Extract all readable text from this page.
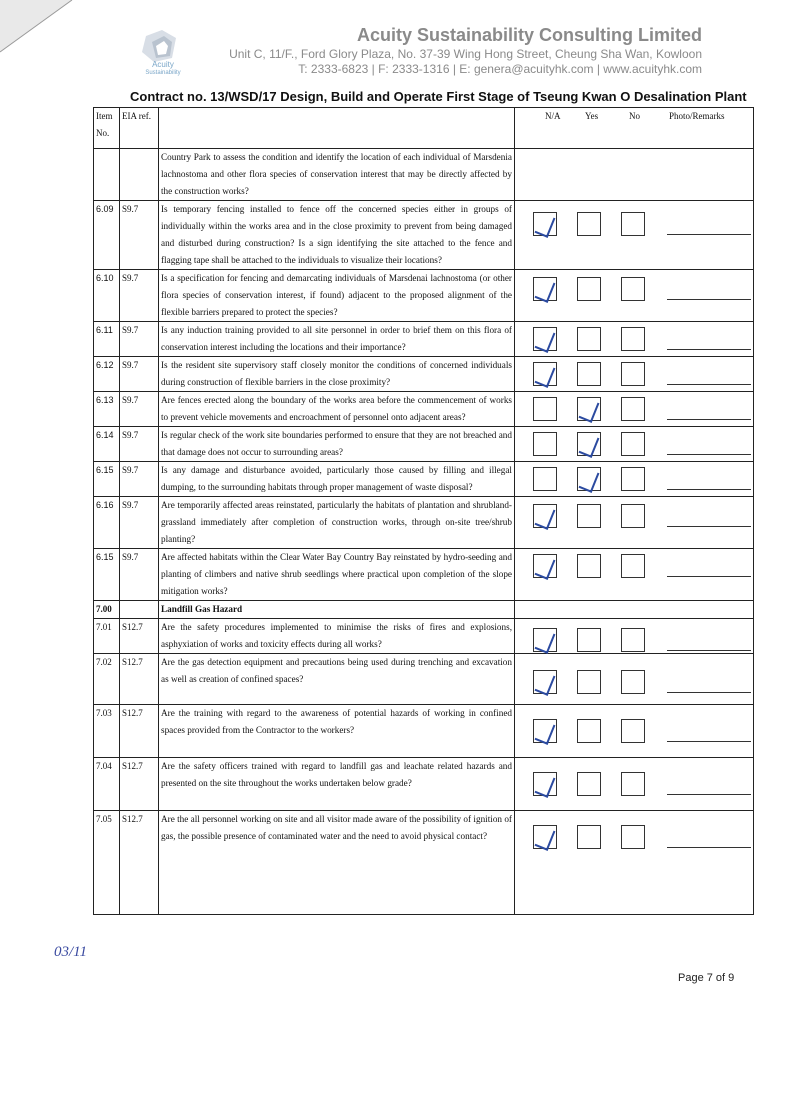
Acuity
Sustainability
Acuity Sustainability Consulting Limited
Unit C, 11/F., Ford Glory Plaza, No. 37-39 Wing Hong Street, Cheung Sha Wan, Kowloon
T: 2333-6823 | F: 2333-1316 | E: genera@acuityhk.com | www.acuityhk.com
Contract no. 13/WSD/17 Design, Build and Operate First Stage of Tseung Kwan O Desalination Plant
Item No.	EIA ref.		N/A Yes No Photo/Remarks

		Country Park to assess the condition and identify the location of each individual of Marsdenia lachnostoma and other flora species of conservation interest that may be directly affected by the construction works?	
6.09	S9.7	Is temporary fencing installed to fence off the concerned species either in groups of individually within the works area and in the close proximity to prevent from being damaged and disturbed during construction? Is a sign identifying the site attached to the fence and flagging tape shall be attached to the individuals to visualize their locations?	

6.10	S9.7	Is a specification for fencing and demarcating individuals of Marsdenai lachnostoma (or other flora species of conservation interest, if found) adjacent to the proposed alignment of the flexible barriers prepared to protect the species?	

6.11	S9.7	Is any induction training provided to all site personnel in order to brief them on this flora of conservation interest including the locations and their importance?	

6.12	S9.7	Is the resident site supervisory staff closely monitor the conditions of concerned individuals during construction of flexible barriers in the close proximity?	

6.13	S9.7	Are fences erected along the boundary of the works area before the commencement of works to prevent vehicle movements and encroachment of personnel onto adjacent areas?	

6.14	S9.7	Is regular check of the work site boundaries performed to ensure that they are not breached and that damage does not occur to surrounding areas?	

6.15	S9.7	Is any damage and disturbance avoided, particularly those caused by filling and illegal dumping, to the surrounding habitats through proper management of waste disposal?	

6.16	S9.7	Are temporarily affected areas reinstated, particularly the habitats of plantation and shrubland-grassland immediately after completion of construction works, through on-site tree/shrub planting?	

6.15	S9.7	Are affected habitats within the Clear Water Bay Country Bay reinstated by hydro-seeding and planting of climbers and native shrub seedlings where practical upon completion of the slope mitigation works?	

7.00		Landfill Gas Hazard	
7.01	S12.7	Are the safety procedures implemented to minimise the risks of fires and explosions, asphyxiation of works and toxicity effects during all works?	

7.02	S12.7	Are the gas detection equipment and precautions being used during trenching and excavation as well as creation of confined spaces?	

7.03	S12.7	Are the training with regard to the awareness of potential hazards of working in confined spaces provided from the Contractor to the workers?	

7.04	S12.7	Are the safety officers trained with regard to landfill gas and leachate related hazards and presented on the site throughout the works undertaken below grade?	

7.05	S12.7	Are the all personnel working on site and all visitor made aware of the possibility of ignition of gas, the possible presence of contaminated water and the need to avoid physical contact?	
03/11
Page 7 of 9
